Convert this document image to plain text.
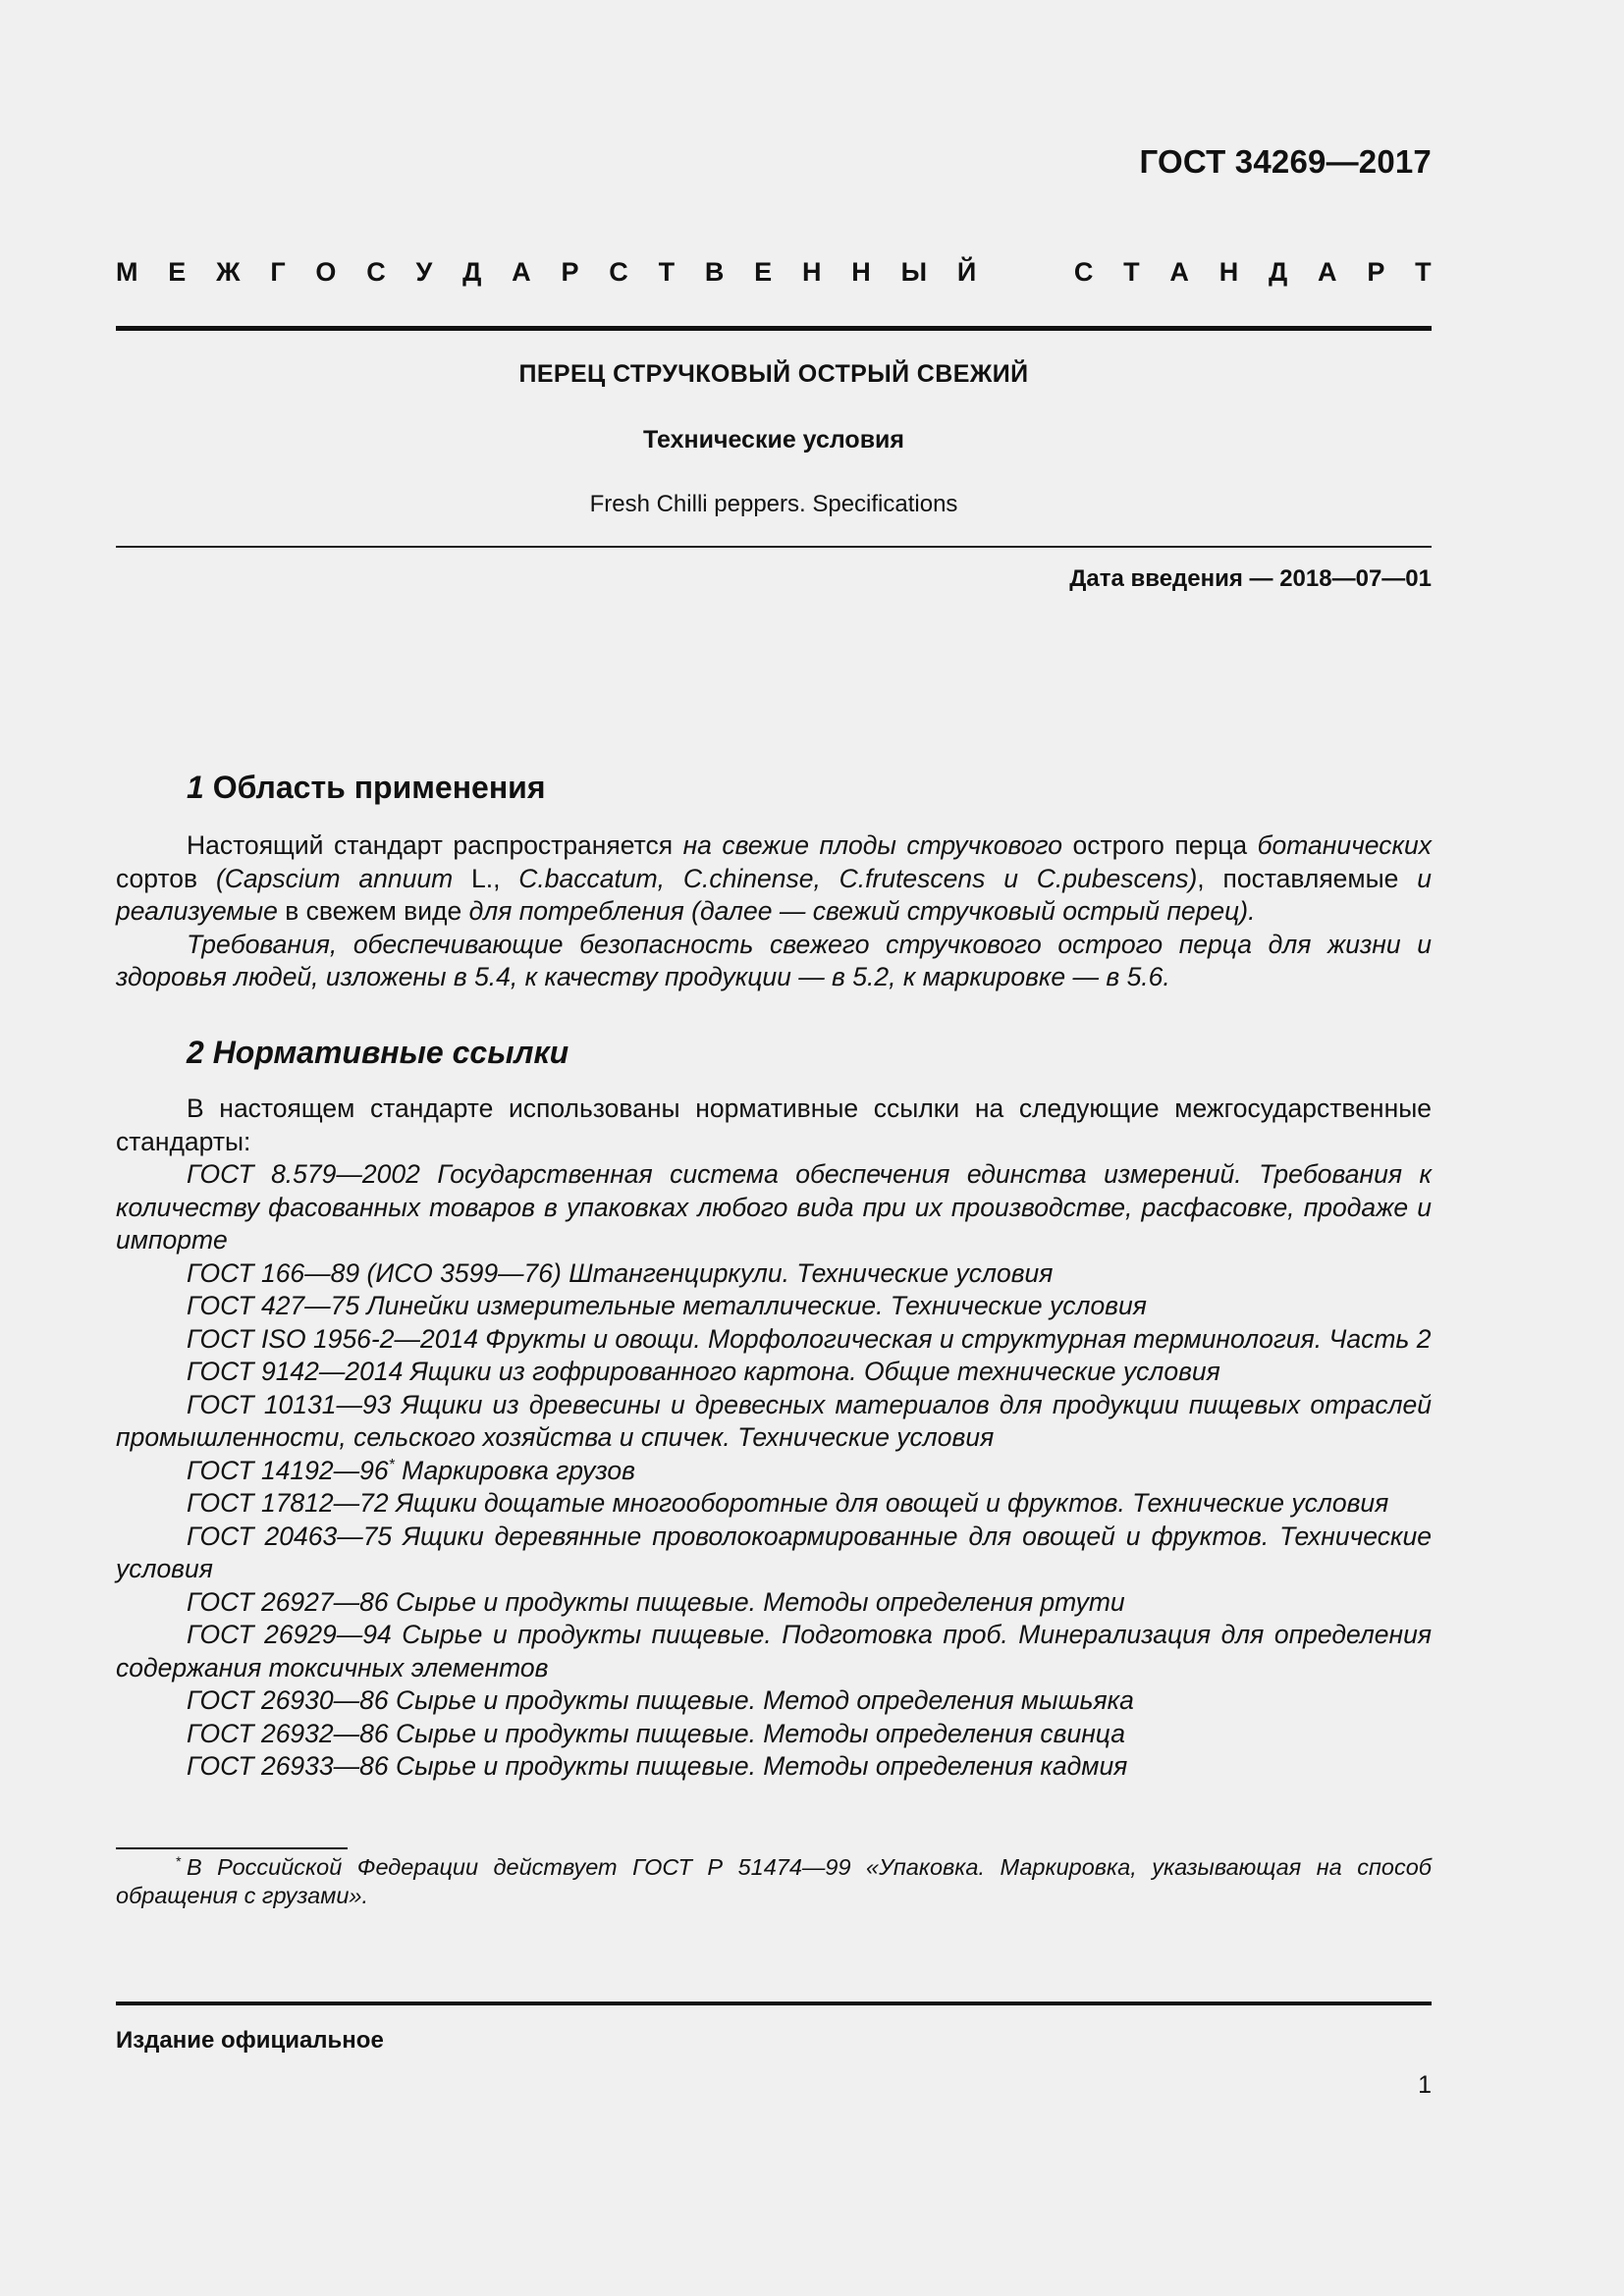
ГОСТ 34269—2017
М Е Ж Г О С У Д А Р С Т В Е Н Н Ы Й	С Т А Н Д А Р Т
ПЕРЕЦ СТРУЧКОВЫЙ ОСТРЫЙ СВЕЖИЙ
Технические условия
Fresh Chilli peppers. Specifications
Дата введения — 2018—07—01
1 Область применения

Настоящий стандарт распространяется на свежие плоды стручкового острого перца ботанических сортов (Capscium annuum L., C.baccatum, C.chinense, C.frutescens и C.pubescens), поставляемые и реализуемые в свежем виде для потребления (далее — свежий стручковый острый перец).

Требования, обеспечивающие безопасность свежего стручкового острого перца для жизни и здоровья людей, изложены в 5.4, к качеству продукции — в 5.2, к маркировке — в 5.6.

2 Нормативные ссылки

В настоящем стандарте использованы нормативные ссылки на следующие межгосударственные стандарты:

ГОСТ 8.579—2002 Государственная система обеспечения единства измерений. Требования к количеству фасованных товаров в упаковках любого вида при их производстве, расфасовке, продаже и импорте

ГОСТ 166—89 (ИСО 3599—76) Штангенциркули. Технические условия

ГОСТ 427—75 Линейки измерительные металлические. Технические условия

ГОСТ ISO 1956-2—2014 Фрукты и овощи. Морфологическая и структурная терминология. Часть 2

ГОСТ 9142—2014 Ящики из гофрированного картона. Общие технические условия

ГОСТ 10131—93 Ящики из древесины и древесных материалов для продукции пищевых отраслей промышленности, сельского хозяйства и спичек. Технические условия

ГОСТ 14192—96* Маркировка грузов

ГОСТ 17812—72 Ящики дощатые многооборотные для овощей и фруктов. Технические условия

ГОСТ 20463—75 Ящики деревянные проволокоармированные для овощей и фруктов. Технические условия

ГОСТ 26927—86 Сырье и продукты пищевые. Методы определения ртути

ГОСТ 26929—94 Сырье и продукты пищевые. Подготовка проб. Минерализация для определения содержания токсичных элементов

ГОСТ 26930—86 Сырье и продукты пищевые. Метод определения мышьяка

ГОСТ 26932—86 Сырье и продукты пищевые. Методы определения свинца

ГОСТ 26933—86 Сырье и продукты пищевые. Методы определения кадмия

* В Российской Федерации действует ГОСТ Р 51474—99 «Упаковка. Маркировка, указывающая на способ обращения с грузами».
Издание официальное
1
